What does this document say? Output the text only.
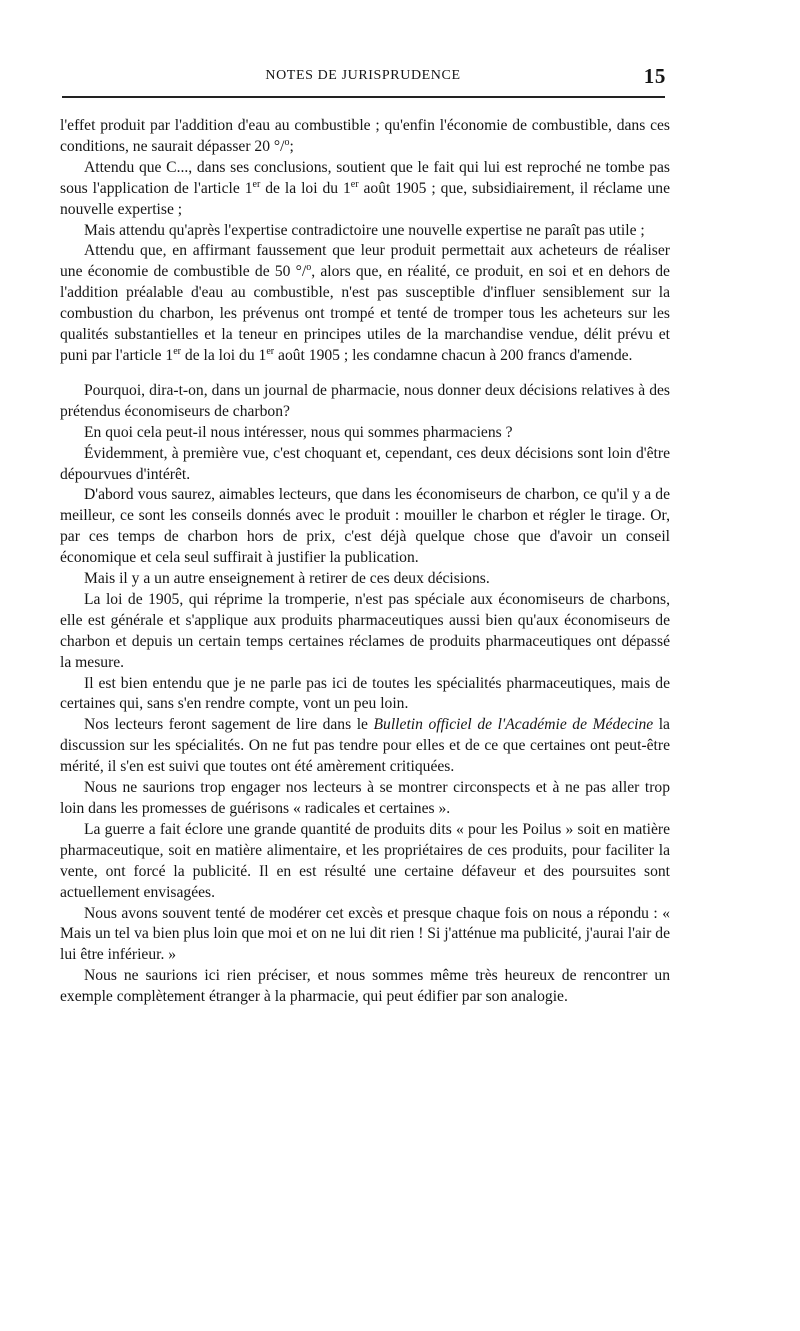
NOTES DE JURISPRUDENCE	15

l'effet produit par l'addition d'eau au combustible ; qu'enfin l'économie de combustible, dans ces conditions, ne saurait dépasser 20 °/$^o$;

Attendu que C..., dans ses conclusions, soutient que le fait qui lui est reproché ne tombe pas sous l'application de l'article 1er de la loi du 1er août 1905 ; que, subsidiairement, il réclame une nouvelle expertise ;

Mais attendu qu'après l'expertise contradictoire une nouvelle expertise ne paraît pas utile ;

Attendu que, en affirmant faussement que leur produit permettait aux acheteurs de réaliser une économie de combustible de 50 °/$^o$, alors que, en réalité, ce produit, en soi et en dehors de l'addition préalable d'eau au combustible, n'est pas susceptible d'influer sensiblement sur la combustion du charbon, les prévenus ont trompé et tenté de tromper tous les acheteurs sur les qualités substantielles et la teneur en principes utiles de la marchandise vendue, délit prévu et puni par l'article 1er de la loi du 1er août 1905 ; les condamne chacun à 200 francs d'amende.

Pourquoi, dira-t-on, dans un journal de pharmacie, nous donner deux décisions relatives à des prétendus économiseurs de charbon?

En quoi cela peut-il nous intéresser, nous qui sommes pharmaciens ?

Évidemment, à première vue, c'est choquant et, cependant, ces deux décisions sont loin d'être dépourvues d'intérêt.

D'abord vous saurez, aimables lecteurs, que dans les économiseurs de charbon, ce qu'il y a de meilleur, ce sont les conseils donnés avec le produit : mouiller le charbon et régler le tirage. Or, par ces temps de charbon hors de prix, c'est déjà quelque chose que d'avoir un conseil économique et cela seul suffirait à justifier la publication.

Mais il y a un autre enseignement à retirer de ces deux décisions.

La loi de 1905, qui réprime la tromperie, n'est pas spéciale aux économiseurs de charbons, elle est générale et s'applique aux produits pharmaceutiques aussi bien qu'aux économiseurs de charbon et depuis un certain temps certaines réclames de produits pharmaceutiques ont dépassé la mesure.

Il est bien entendu que je ne parle pas ici de toutes les spécialités pharmaceutiques, mais de certaines qui, sans s'en rendre compte, vont un peu loin.

Nos lecteurs feront sagement de lire dans le Bulletin officiel de l'Académie de Médecine la discussion sur les spécialités. On ne fut pas tendre pour elles et de ce que certaines ont peut-être mérité, il s'en est suivi que toutes ont été amèrement critiquées.

Nous ne saurions trop engager nos lecteurs à se montrer circonspects et à ne pas aller trop loin dans les promesses de guérisons « radicales et certaines ».

La guerre a fait éclore une grande quantité de produits dits « pour les Poilus » soit en matière pharmaceutique, soit en matière alimentaire, et les propriétaires de ces produits, pour faciliter la vente, ont forcé la publicité. Il en est résulté une certaine défaveur et des poursuites sont actuellement envisagées.

Nous avons souvent tenté de modérer cet excès et presque chaque fois on nous a répondu : « Mais un tel va bien plus loin que moi et on ne lui dit rien ! Si j'atténue ma publicité, j'aurai l'air de lui être inférieur. »

Nous ne saurions ici rien préciser, et nous sommes même très heureux de rencontrer un exemple complètement étranger à la pharmacie, qui peut édifier par son analogie.
